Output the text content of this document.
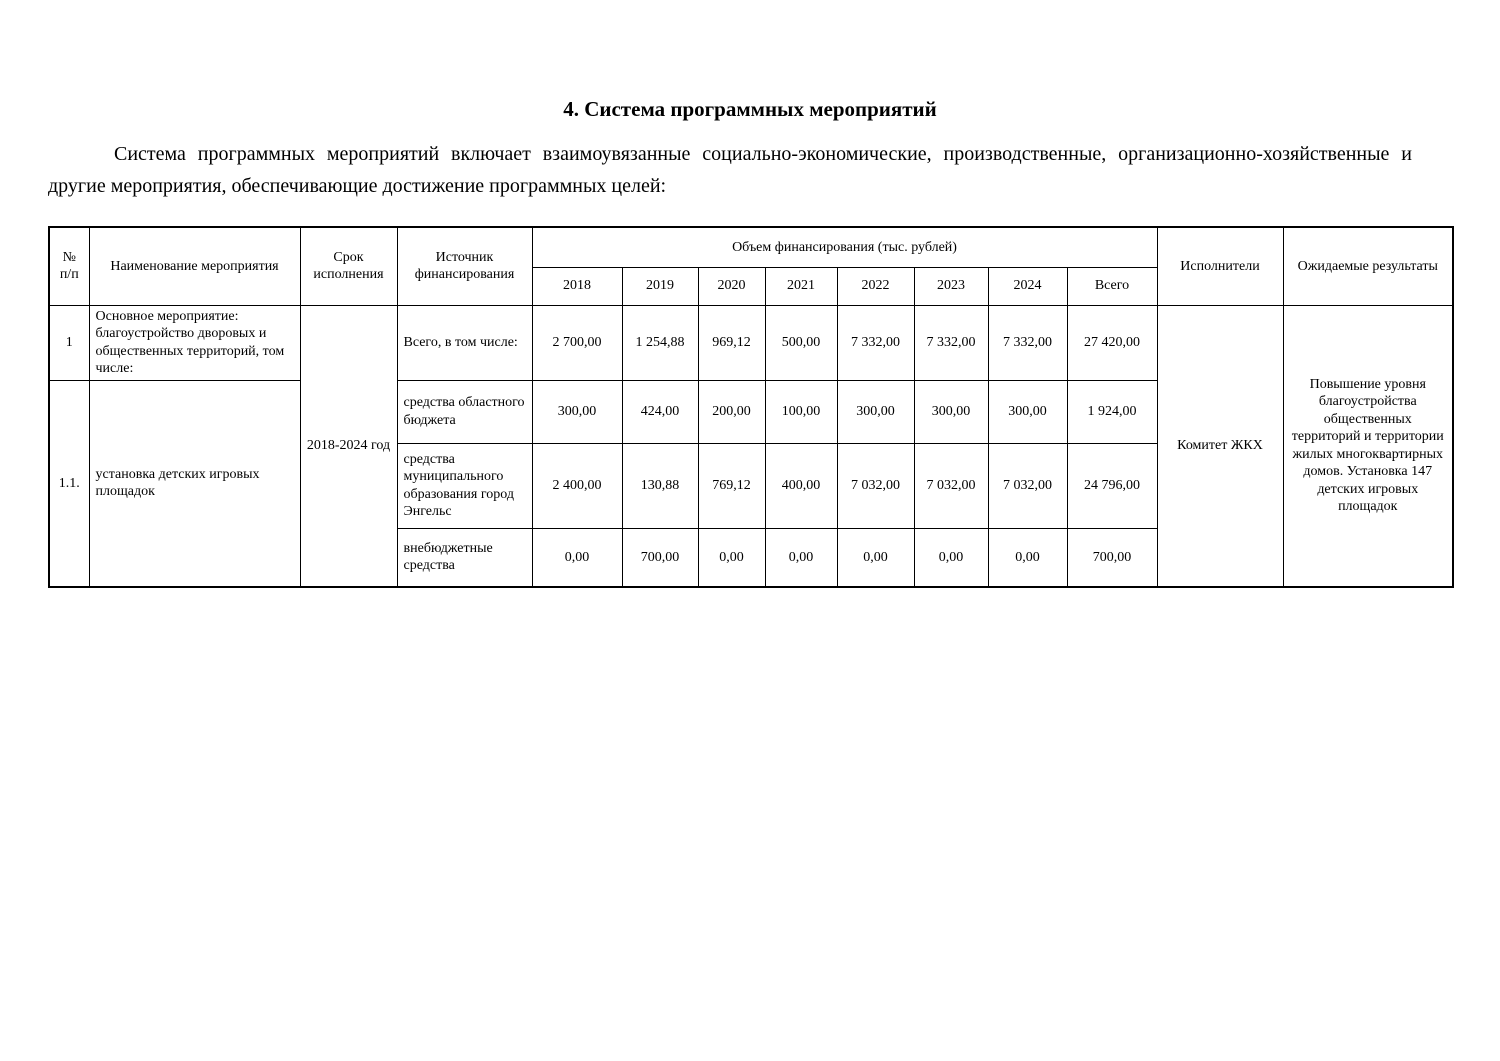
4. Система программных мероприятий

Система программных мероприятий включает взаимоувязанные социально-экономические, производственные, организационно-хозяйственные и другие мероприятия, обеспечивающие достижение программных целей:

№ п/п	Наименование мероприятия	Срок исполнения	Источник финансирования	Объем финансирования (тыс. рублей)								Исполнители	Ожидаемые результаты
				2018	2019	2020	2021	2022	2023	2024	Всего		
1	Основное мероприятие: благоустройство дворовых и общественных территорий, том числе:	2018-2024 год	Всего, в том числе:	2 700,00	1 254,88	969,12	500,00	7 332,00	7 332,00	7 332,00	27 420,00	Комитет ЖКХ	Повышение уровня благоустройства общественных территорий и территории жилых многоквартирных домов. Установка 147 детских игровых площадок
1.1.	установка детских игровых площадок		средства областного бюджета	300,00	424,00	200,00	100,00	300,00	300,00	300,00	1 924,00		
			средства муниципального образования город Энгельс	2 400,00	130,88	769,12	400,00	7 032,00	7 032,00	7 032,00	24 796,00		
			внебюджетные средства	0,00	700,00	0,00	0,00	0,00	0,00	0,00	700,00		
